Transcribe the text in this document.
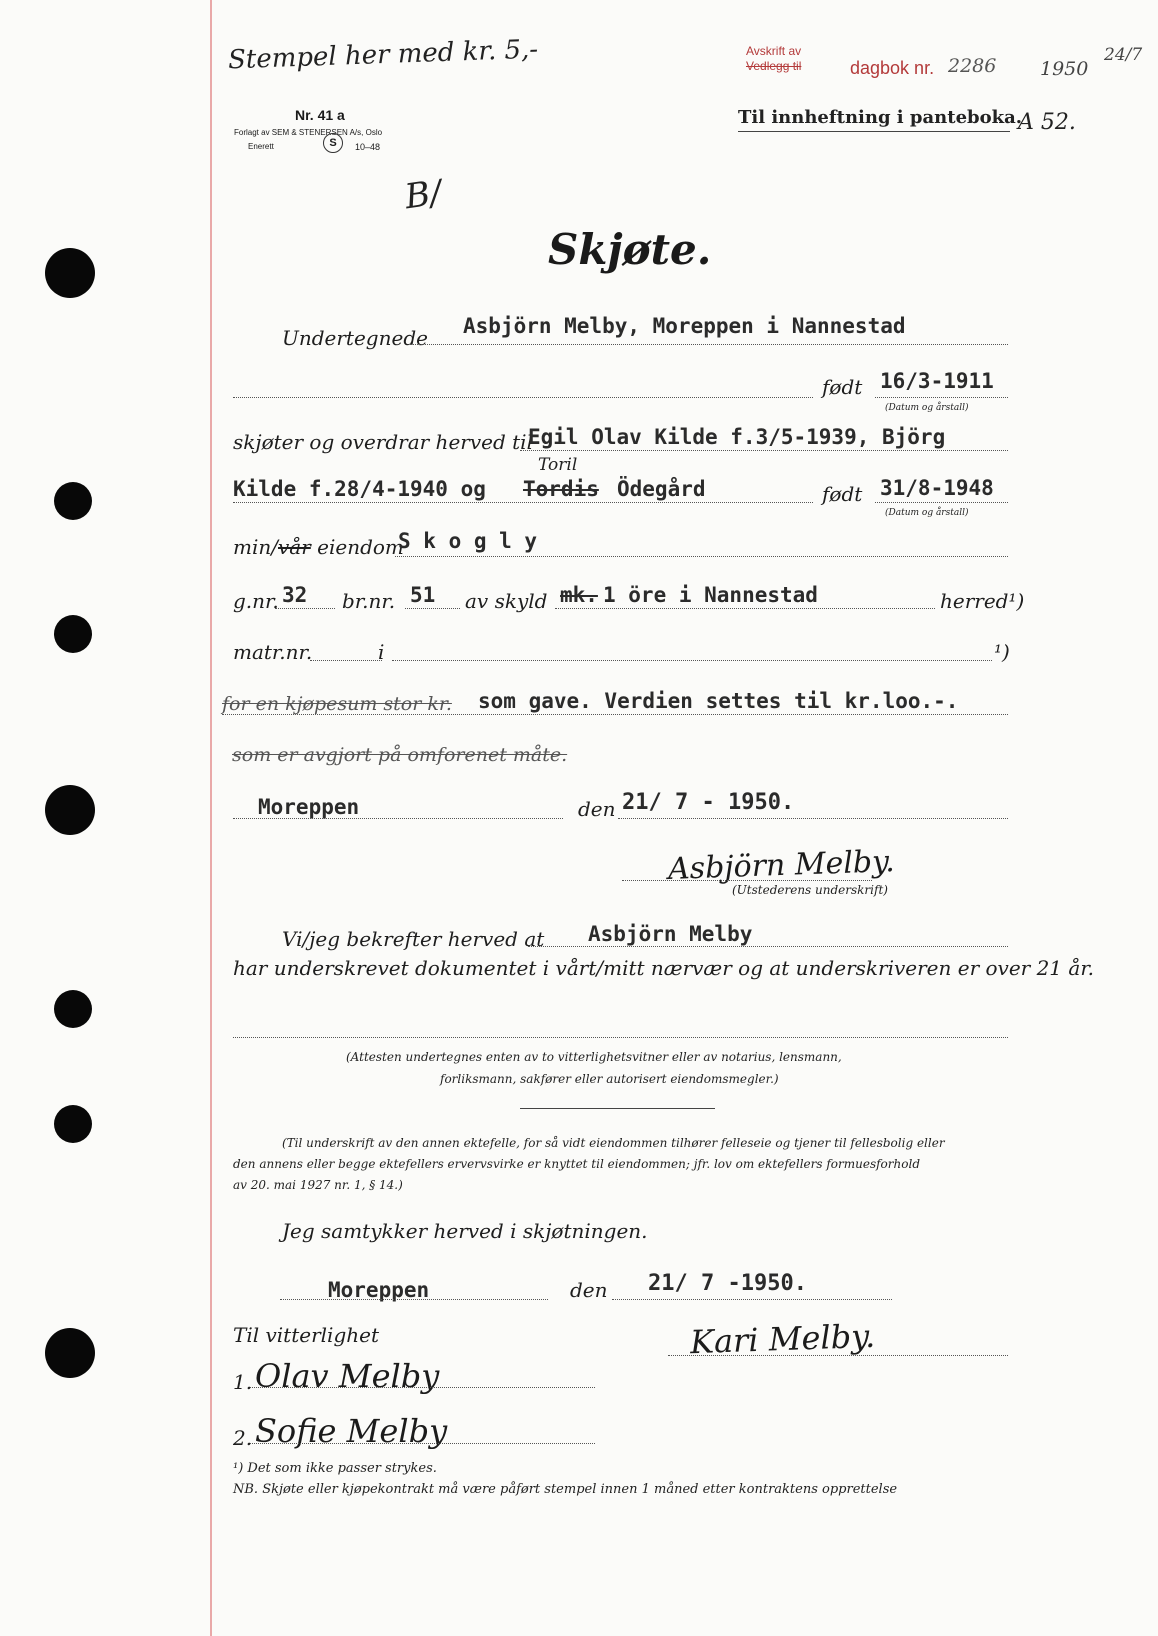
Stempel her med kr. 5,-
Nr. 41 a
Forlagt av SEM & STENERSEN A/s, Oslo
Enerett	S	10–48
Avskrift av
Vedlegg til	dagbok nr. 2286 1950
24/7
Til innheftning i panteboka.
A 52.
B/
Skjøte.
Undertegnede Asbjörn Melby, Moreppen i Nannestad
født 16/3-1911
(Datum og årstall)
skjøter og overdrar herved til
Egil Olav Kilde f.3/5-1939, Björg
Toril
Kilde f.28/4-1940 og Tordis Ödegård	født 31/8-1948
(Datum og årstall)
min/vår eiendom
S k o g l y
g.nr. 32 br.nr. 51 av skyld mk. 1 öre i Nannestad	herred¹)
matr.nr.	i	¹)
for en kjøpesum stor kr. som gave. Verdien settes til kr.loo.-.
som er avgjort på omforenet måte.
Moreppen	den 21/ 7 - 1950.
Asbjörn Melby.
(Utstederens underskrift)
Vi/jeg bekrefter herved at Asbjörn Melby
har underskrevet dokumentet i vårt/mitt nærvær og at underskriveren er over 21 år.
(Attesten undertegnes enten av to vitterlighetsvitner eller av notarius, lensmann,
forliksmann, sakfører eller autorisert eiendomsmegler.)
(Til underskrift av den annen ektefelle, for så vidt eiendommen tilhører felleseie og tjener til fellesbolig eller
den annens eller begge ektefellers ervervsvirke er knyttet til eiendommen; jfr. lov om ektefellers formuesforhold
av 20. mai 1927 nr. 1, § 14.)
Jeg samtykker herved i skjøtningen.
Moreppen	den 21/ 7 -1950.
Til vitterlighet	Kari Melby.
1. Olav Melby
2. Sofie Melby
¹) Det som ikke passer strykes.
NB. Skjøte eller kjøpekontrakt må være påført stempel innen 1 måned etter kontraktens opprettelse
